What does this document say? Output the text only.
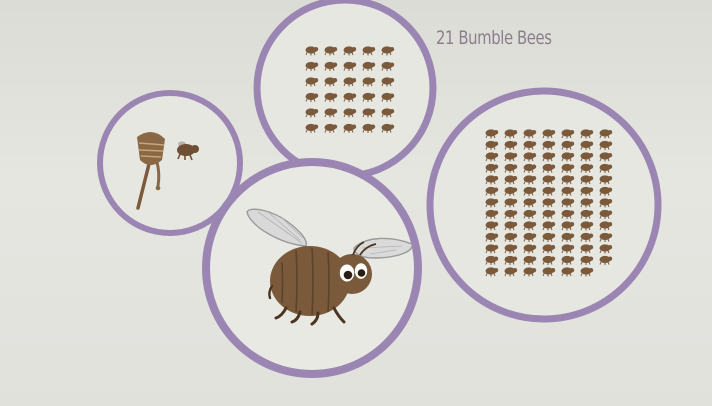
21 Bumble Bees
